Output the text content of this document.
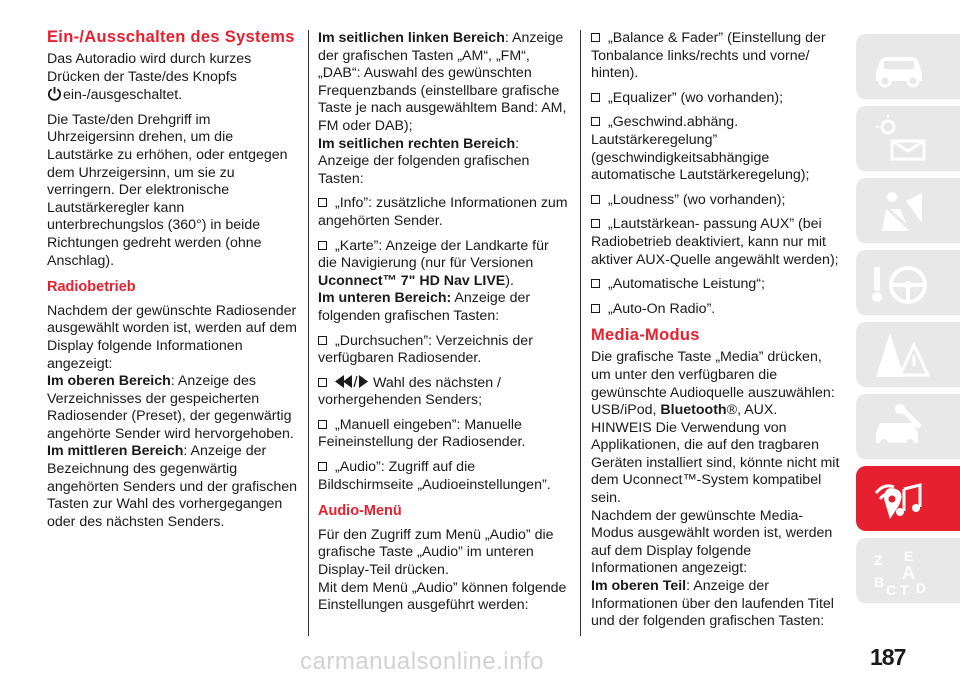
Ein-/Ausschalten des Systems

Das Autoradio wird durch kurzes Drücken der Taste/des Knopfs
ein-/ausgeschaltet.

Die Taste/den Drehgriff im Uhrzeigersinn drehen, um die Lautstärke zu erhöhen, oder entgegen dem Uhrzeigersinn, um sie zu verringern. Der elektronische Lautstärkeregler kann unterbrechungslos (360°) in beide Richtungen gedreht werden (ohne Anschlag).

Radiobetrieb

Nachdem der gewünschte Radiosender ausgewählt worden ist, werden auf dem Display folgende Informationen angezeigt:

Im oberen Bereich: Anzeige des Verzeichnisses der gespeicherten Radiosender (Preset), der gegenwärtig angehörte Sender wird hervorgehoben.

Im mittleren Bereich: Anzeige der Bezeichnung des gegenwärtig angehörten Senders und der grafischen Tasten zur Wahl des vorhergegangen oder des nächsten Senders.

Im seitlichen linken Bereich: Anzeige der grafischen Tasten „AM“, „FM“, „DAB“: Auswahl des gewünschten Frequenzbands (einstellbare grafische Taste je nach ausgewähltem Band: AM, FM oder DAB);

Im seitlichen rechten Bereich: Anzeige der folgenden grafischen Tasten:

„Info”: zusätzliche Informationen zum angehörten Sender.

„Karte”: Anzeige der Landkarte für die Navigierung (nur für Versionen
Uconnect™ 7" HD Nav LIVE).

Im unteren Bereich: Anzeige der folgenden grafischen Tasten:

„Durchsuchen”: Verzeichnis der verfügbaren Radiosender.

Wahl des nächsten / vorhergehenden Senders;

„Manuell eingeben”: Manuelle Feineinstellung der Radiosender.

„Audio”: Zugriff auf die Bildschirmseite „Audioeinstellungen”.

Audio-Menü

Für den Zugriff zum Menü „Audio” die grafische Taste „Audio” im unteren Display-Teil drücken.

Mit dem Menü „Audio” können folgende Einstellungen ausgeführt werden:

„Balance & Fader” (Einstellung der Tonbalance links/rechts und vorne/ hinten).

„Equalizer” (wo vorhanden);

„Geschwind.abhäng. Lautstärkeregelung” (geschwindigkeitsabhängige automatische Lautstärkeregelung);

„Loudness” (wo vorhanden);

„Lautstärkean- passung AUX” (bei Radiobetrieb deaktiviert, kann nur mit aktiver AUX-Quelle angewählt werden);

„Automatische Leistung“;

„Auto-On Radio”.

Media-Modus

Die grafische Taste „Media” drücken, um unter den verfügbaren die gewünschte Audioquelle auszuwählen: USB/iPod, Bluetooth®, AUX.

HINWEIS Die Verwendung von Applikationen, die auf den tragbaren Geräten installiert sind, könnte nicht mit dem Uconnect™-System kompatibel sein.

Nachdem der gewünschte Media-Modus ausgewählt worden ist, werden auf dem Display folgende Informationen angezeigt:

Im oberen Teil: Anzeige der Informationen über den laufenden Titel und der folgenden grafischen Tasten:

Z E
B A
C T D
carmanualsonline.info	187
